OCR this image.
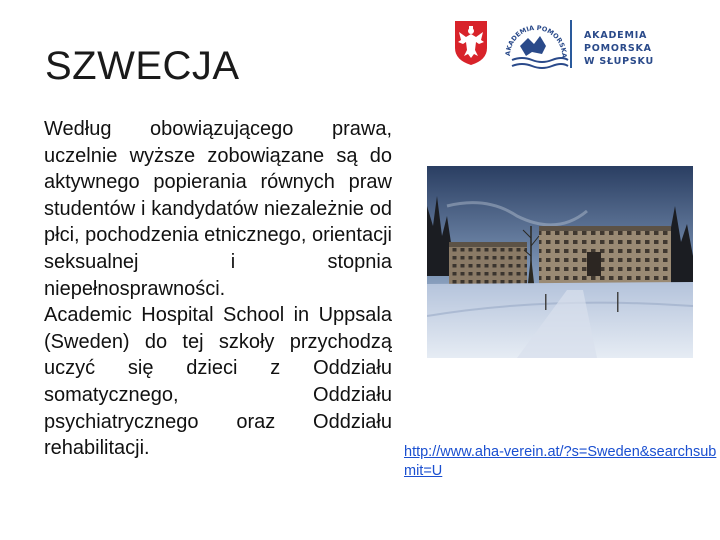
AKADEMIA POMORSKA
AKADEMIA POMORSKA
W SŁUPSKU
SZWECJA

Według obowiązującego prawa, uczelnie wyższe zobowiązane są do aktywnego popierania równych praw studentów i kandydatów niezależnie od płci, pochodzenia etnicznego, orientacji seksualnej i stopnia niepełnosprawności.

Academic Hospital School in Uppsala (Sweden) do tej szkoły przychodzą uczyć się dzieci z Oddziału somatycznego, Oddziału psychiatrycznego oraz Oddziału rehabilitacji.	http://www.aha-verein.at/?s=Sweden&searchsubmit=U
